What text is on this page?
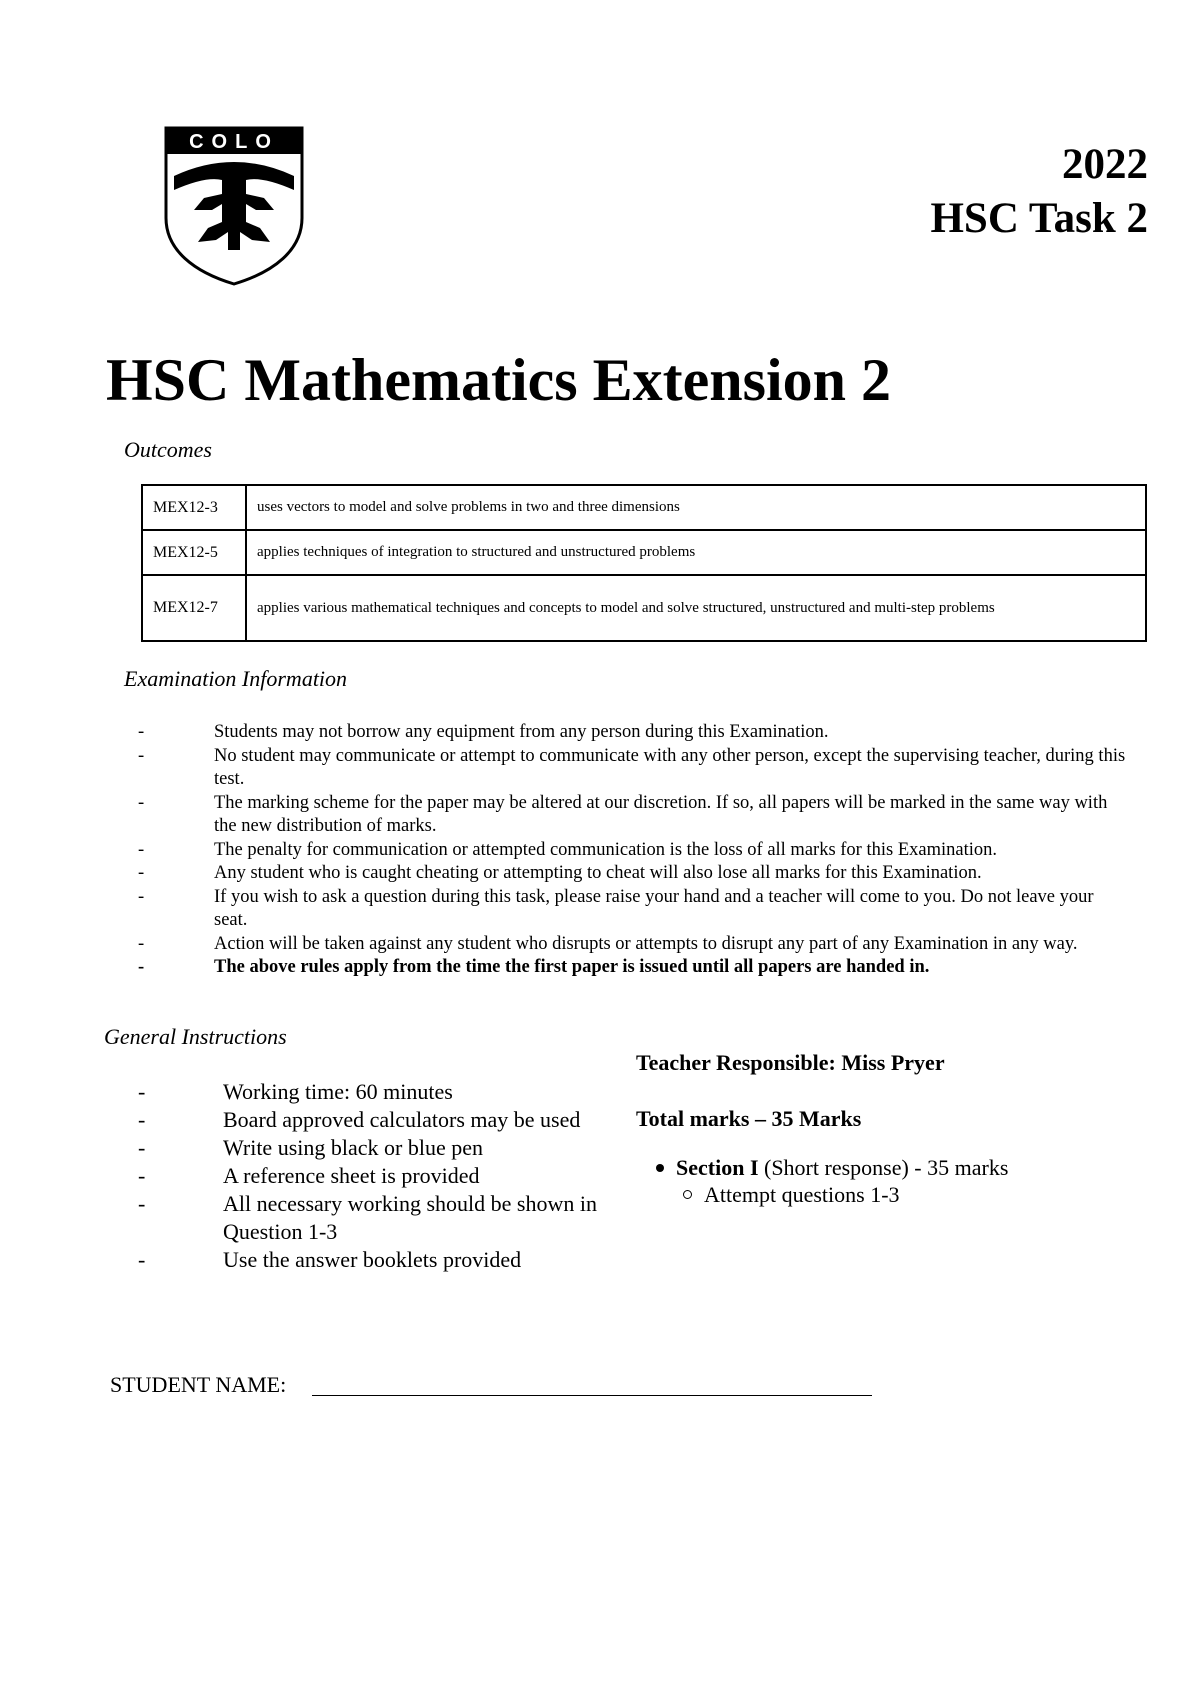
COLO	2022
HSC Task 2
HSC Mathematics Extension 2
Outcomes
MEX12-3	uses vectors to model and solve problems in two and three dimensions
MEX12-5	applies techniques of integration to structured and unstructured problems
MEX12-7	applies various mathematical techniques and concepts to model and solve structured, unstructured and multi-step problems
Examination Information
-	Students may not borrow any equipment from any person during this Examination.
-	No student may communicate or attempt to communicate with any other person, except the supervising teacher, during this test.
-	The marking scheme for the paper may be altered at our discretion. If so, all papers will be marked in the same way with the new distribution of marks.
-	The penalty for communication or attempted communication is the loss of all marks for this Examination.
-	Any student who is caught cheating or attempting to cheat will also lose all marks for this Examination.
-	If you wish to ask a question during this task, please raise your hand and a teacher will come to you. Do not leave your seat.
-	Action will be taken against any student who disrupts or attempts to disrupt any part of any Examination in any way.
-	The above rules apply from the time the first paper is issued until all papers are handed in.
General Instructions
-	Working time: 60 minutes
-	Board approved calculators may be used
-	Write using black or blue pen
-	A reference sheet is provided
-	All necessary working should be shown in Question 1-3
-	Use the answer booklets provided
Teacher Responsible: Miss Pryer
Total marks – 35 Marks
Section I (Short response) - 35 marks
Attempt questions 1-3
STUDENT NAME:
